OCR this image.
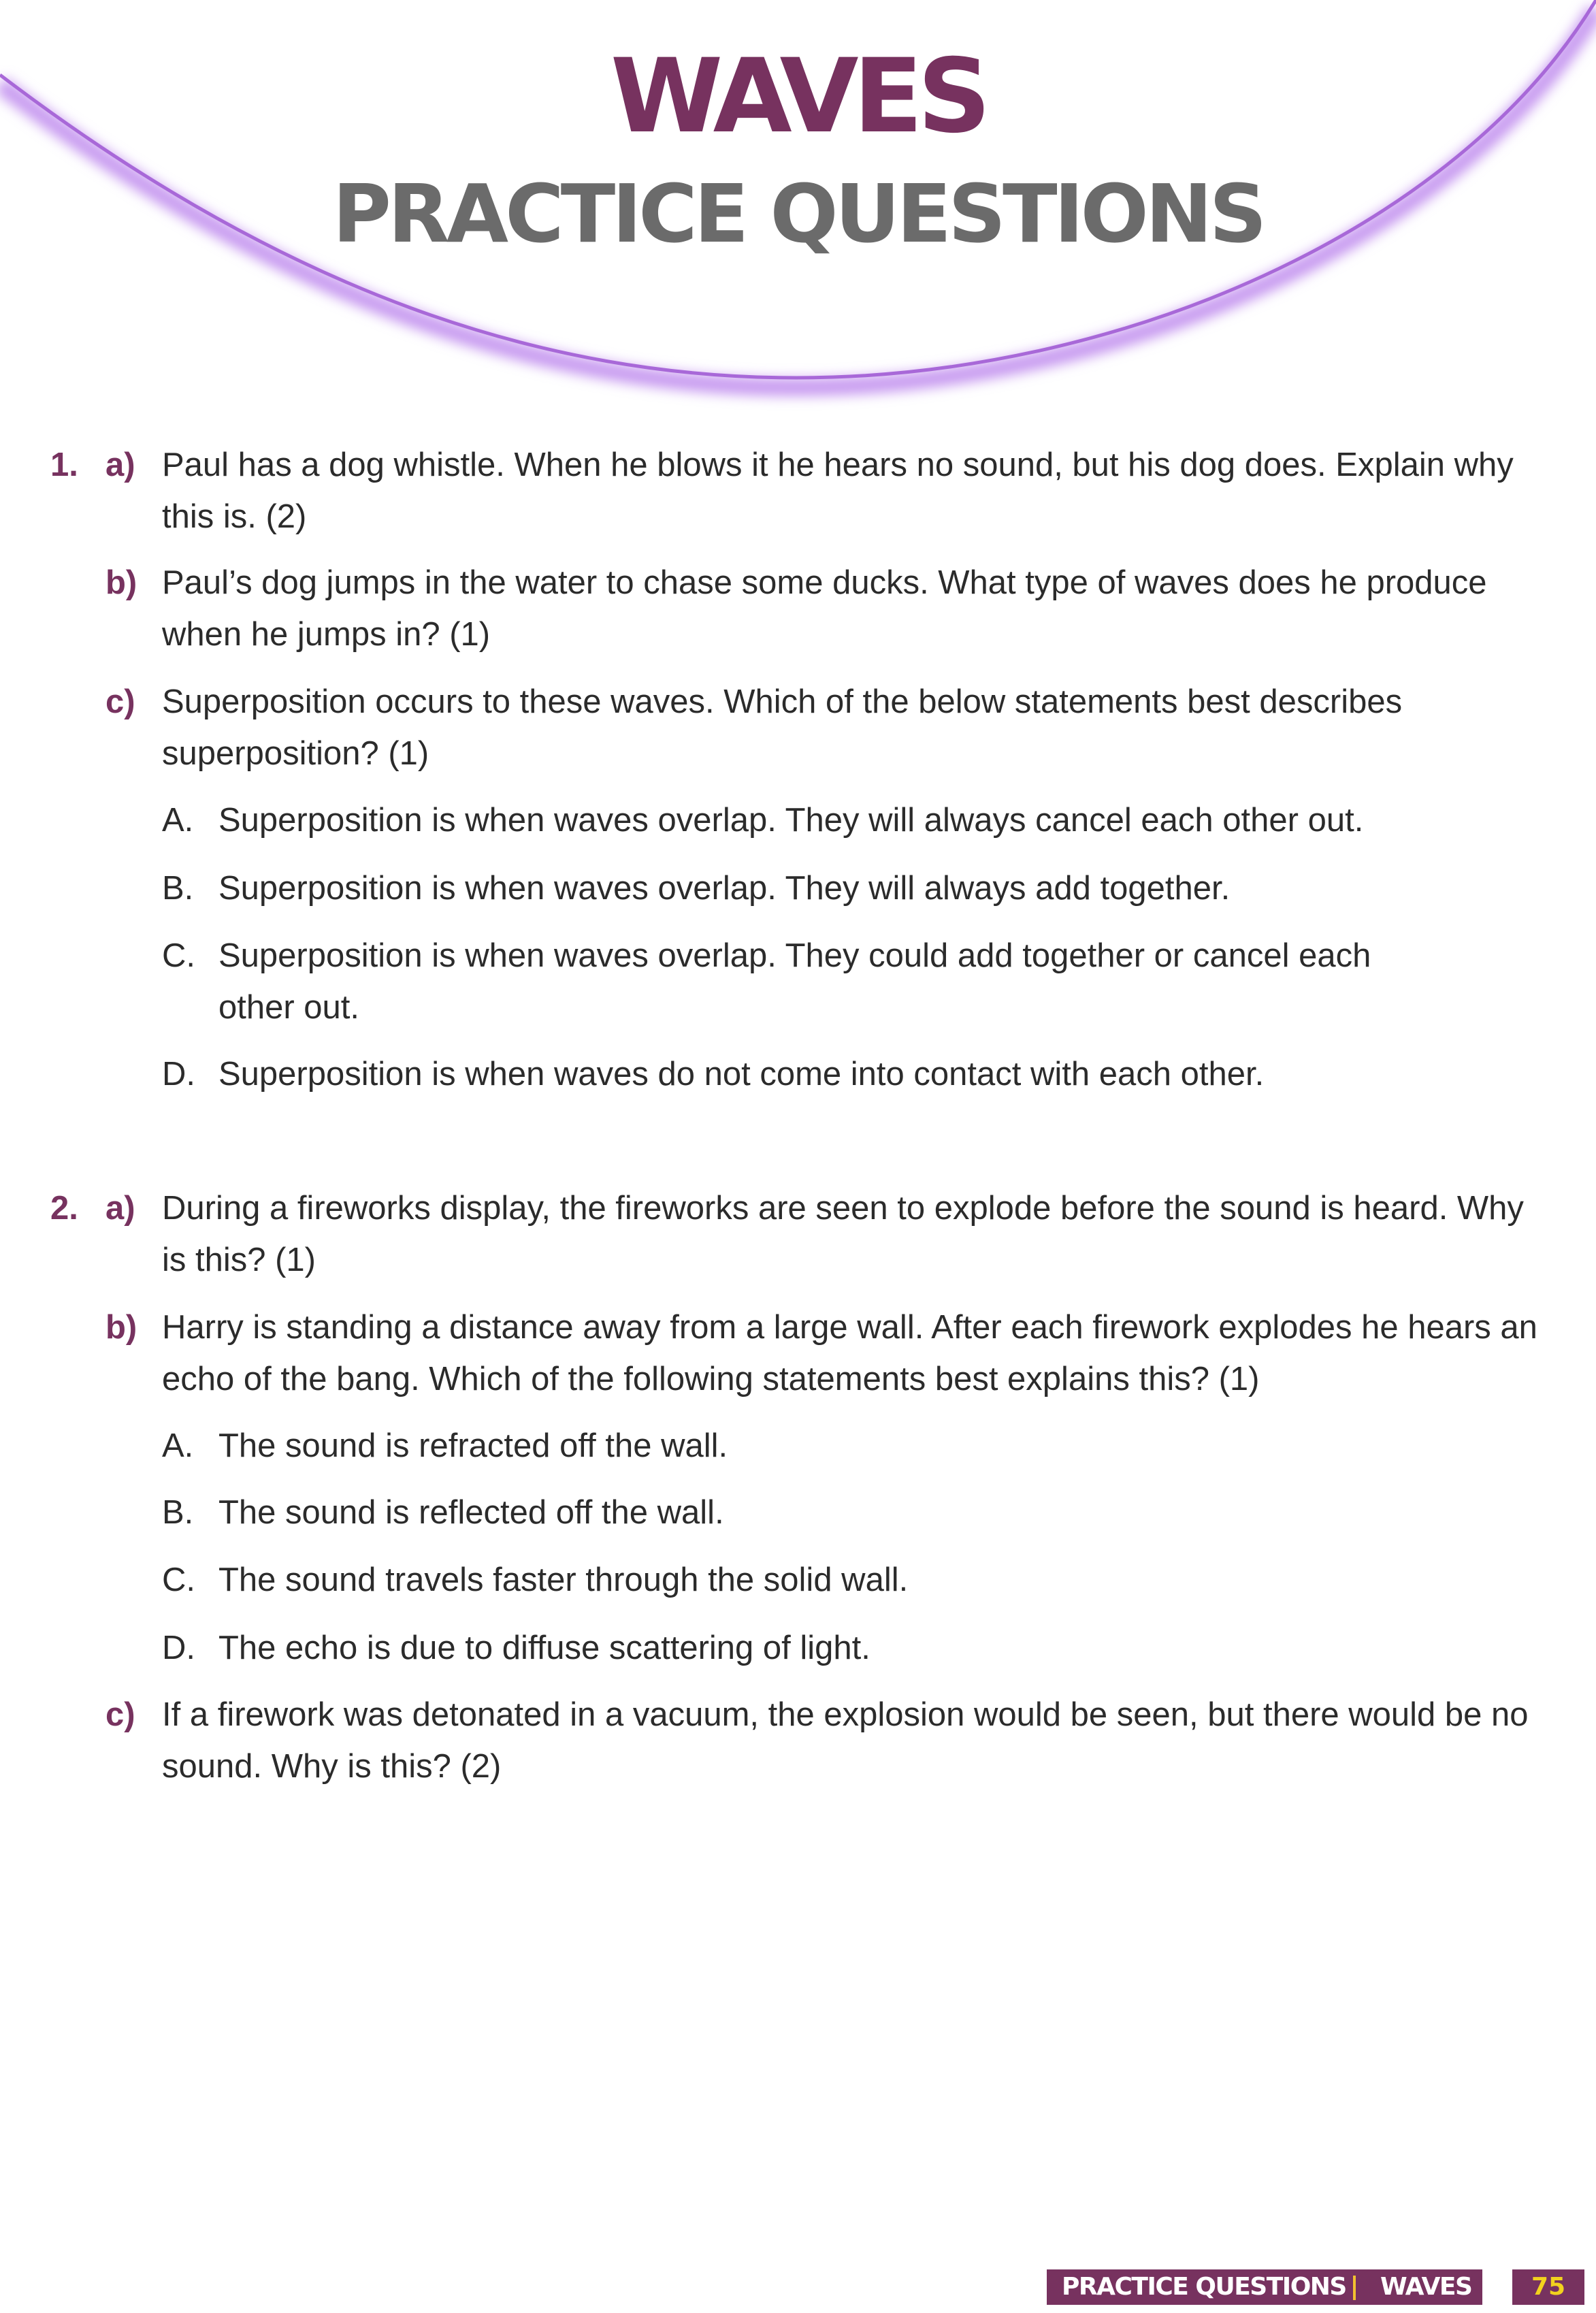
WAVES
PRACTICE QUESTIONS
1. a) Paul has a dog whistle. When he blows it he hears no sound, but his dog does. Explain why this is. (2)
b) Paul’s dog jumps in the water to chase some ducks. What type of waves does he produce when he jumps in? (1)
c) Superposition occurs to these waves. Which of the below statements best describes superposition? (1)
A. Superposition is when waves overlap. They will always cancel each other out.
B. Superposition is when waves overlap. They will always add together.
C. Superposition is when waves overlap. They could add together or cancel each other out.
D. Superposition is when waves do not come into contact with each other.
2. a) During a fireworks display, the fireworks are seen to explode before the sound is heard. Why is this? (1)
b) Harry is standing a distance away from a large wall. After each firework explodes he hears an echo of the bang. Which of the following statements best explains this? (1)
A. The sound is refracted off the wall.
B. The sound is reflected off the wall.
C. The sound travels faster through the solid wall.
D. The echo is due to diffuse scattering of light.
c) If a firework was detonated in a vacuum, the explosion would be seen, but there would be no sound. Why is this? (2)
PRACTICE QUESTIONS WAVES	75
